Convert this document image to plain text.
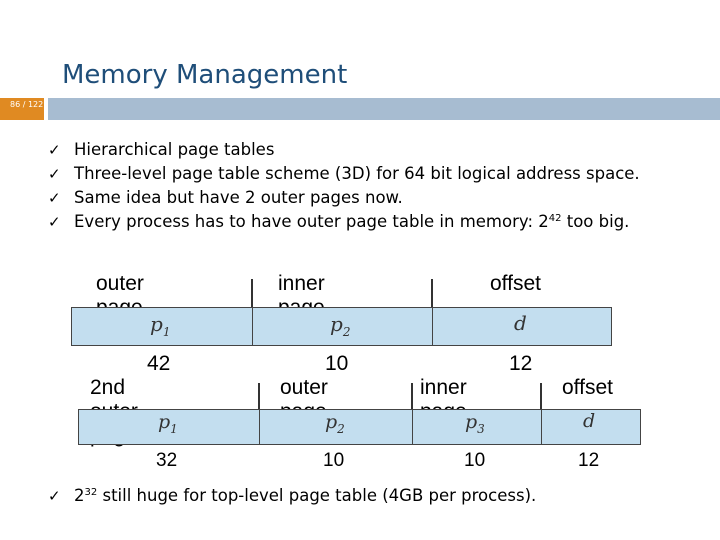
Memory Management
86 / 122
✓ Hierarchical page tables
✓ Three-level page table scheme (3D) for 64 bit logical address space.
✓ Same idea but have 2 outer pages now.
✓ Every process has to have outer page table in memory: $2^{42}$ too big.
outer	inner	offset
$p_1$	$p_2$	d
42	10	12
2nd	outer	inner	offset
$p_1$	$p_2$	$p_3$	d
32	10	10	12
✓ $2^{32}$ still huge for top-level page table (4GB per process).
